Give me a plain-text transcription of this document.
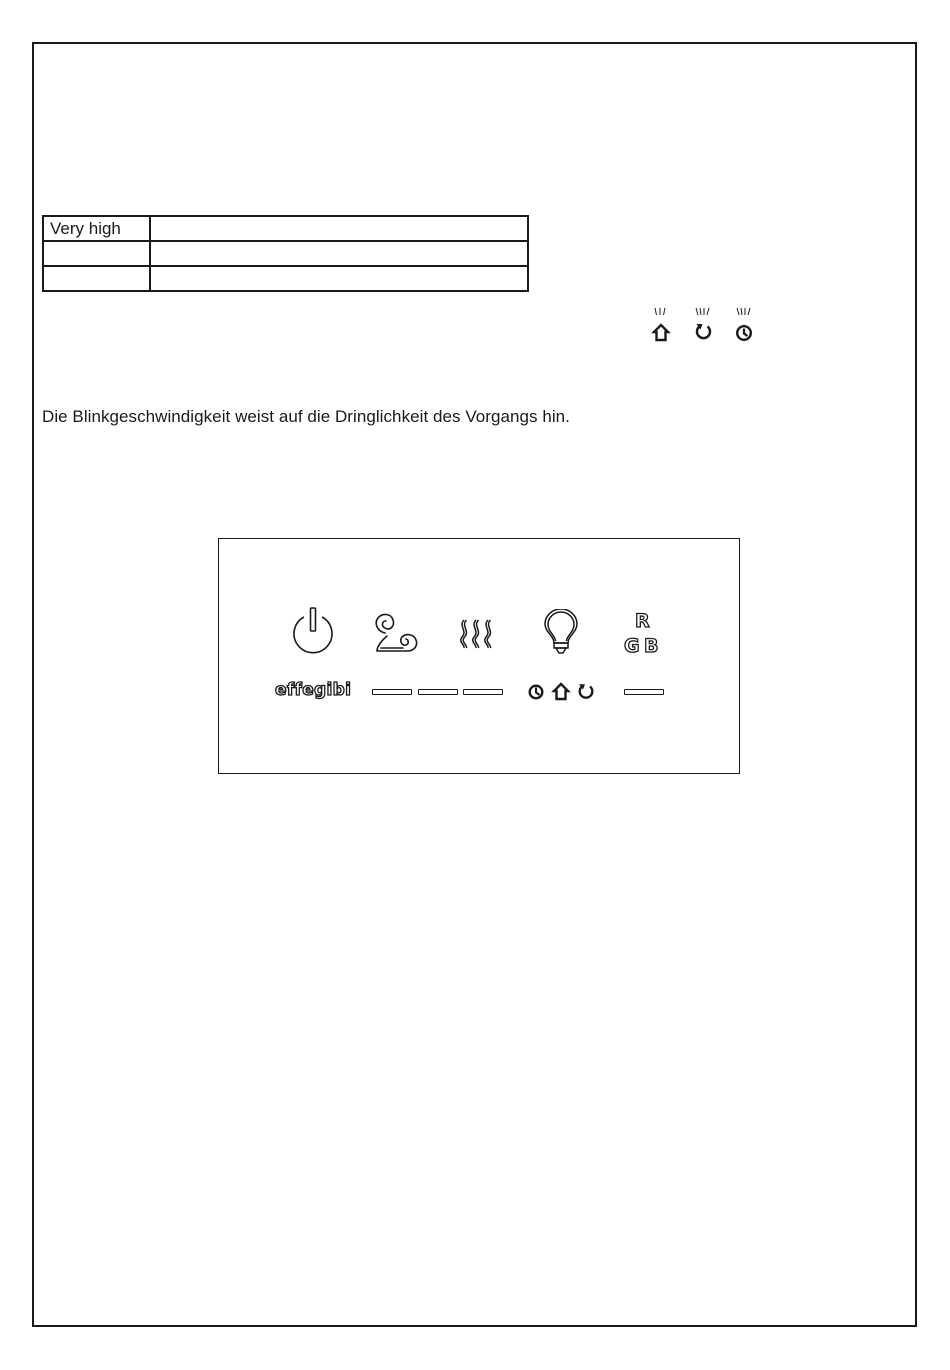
Very high	

Die Blinkgeschwindigkeit weist auf die Dringlichkeit des Vorgangs hin.
R
G B
effegibi
